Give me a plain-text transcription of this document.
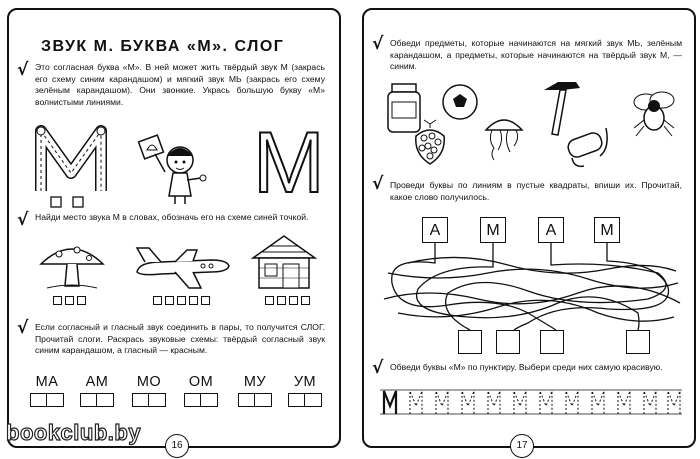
ЗВУК М. БУКВА «М». СЛОГ
√ Это согласная буква «М». В ней может жить твёрдый звук М (закрась его схему синим карандашом) и мягкий звук МЬ (закрась его схему зелёным карандашом). Они звонкие. Укрась большую букву «М» волнистыми линиями.
М
√ Найди место звука М в словах, обозначь его на схеме синей точкой.
√ Если согласный и гласный звук соединить в пары, то получится СЛОГ. Прочитай слоги. Раскрась звуковые схемы: твёрдый согласный звук синим карандашом, а гласный — красным.
МА	АМ	МО	ОМ	МУ	УМ
16
√ Обведи предметы, которые начинаются на мягкий звук МЬ, зелёным карандашом, а предметы, которые начинаются на твёрдый звук М, — синим.
√ Проведи буквы по линиям в пустые квадраты, впиши их. Прочитай, какое слово получилось.
А	М	А	М
√ Обведи буквы «М» по пунктиру. Выбери среди них самую красивую.
17
bookclub.by
